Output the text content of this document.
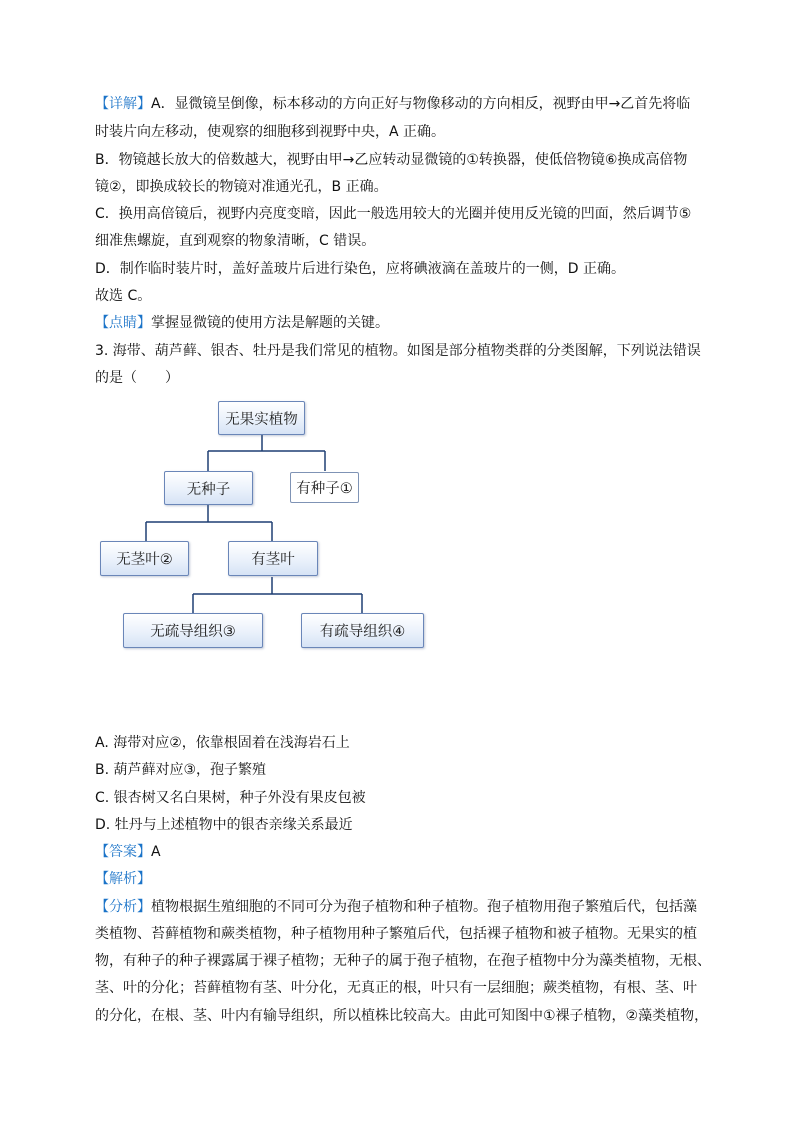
【详解】A．显微镜呈倒像，标本移动的方向正好与物像移动的方向相反，视野由甲→乙首先将临
时装片向左移动，使观察的细胞移到视野中央，A 正确。
B．物镜越长放大的倍数越大，视野由甲→乙应转动显微镜的①转换器，使低倍物镜⑥换成高倍物
镜②，即换成较长的物镜对准通光孔，B 正确。
C．换用高倍镜后，视野内亮度变暗，因此一般选用较大的光圈并使用反光镜的凹面，然后调节⑤
细准焦螺旋，直到观察的物象清晰，C 错误。
D．制作临时装片时，盖好盖玻片后进行染色，应将碘液滴在盖玻片的一侧，D 正确。
故选 C。
【点睛】掌握显微镜的使用方法是解题的关键。
3. 海带、葫芦藓、银杏、牡丹是我们常见的植物。如图是部分植物类群的分类图解，下列说法错误
的是（　　）
无果实植物
无种子	有种子①
无茎叶②	有茎叶
无疏导组织③	有疏导组织④
A. 海带对应②，依靠根固着在浅海岩石上
B. 葫芦藓对应③，孢子繁殖
C. 银杏树又名白果树，种子外没有果皮包被
D. 牡丹与上述植物中的银杏亲缘关系最近
【答案】A
【解析】
【分析】植物根据生殖细胞的不同可分为孢子植物和种子植物。孢子植物用孢子繁殖后代，包括藻
类植物、苔藓植物和蕨类植物，种子植物用种子繁殖后代，包括裸子植物和被子植物。无果实的植
物，有种子的种子裸露属于裸子植物；无种子的属于孢子植物，在孢子植物中分为藻类植物，无根、
茎、叶的分化；苔藓植物有茎、叶分化，无真正的根，叶只有一层细胞；蕨类植物，有根、茎、叶
的分化，在根、茎、叶内有输导组织，所以植株比较高大。由此可知图中①裸子植物，②藻类植物，
